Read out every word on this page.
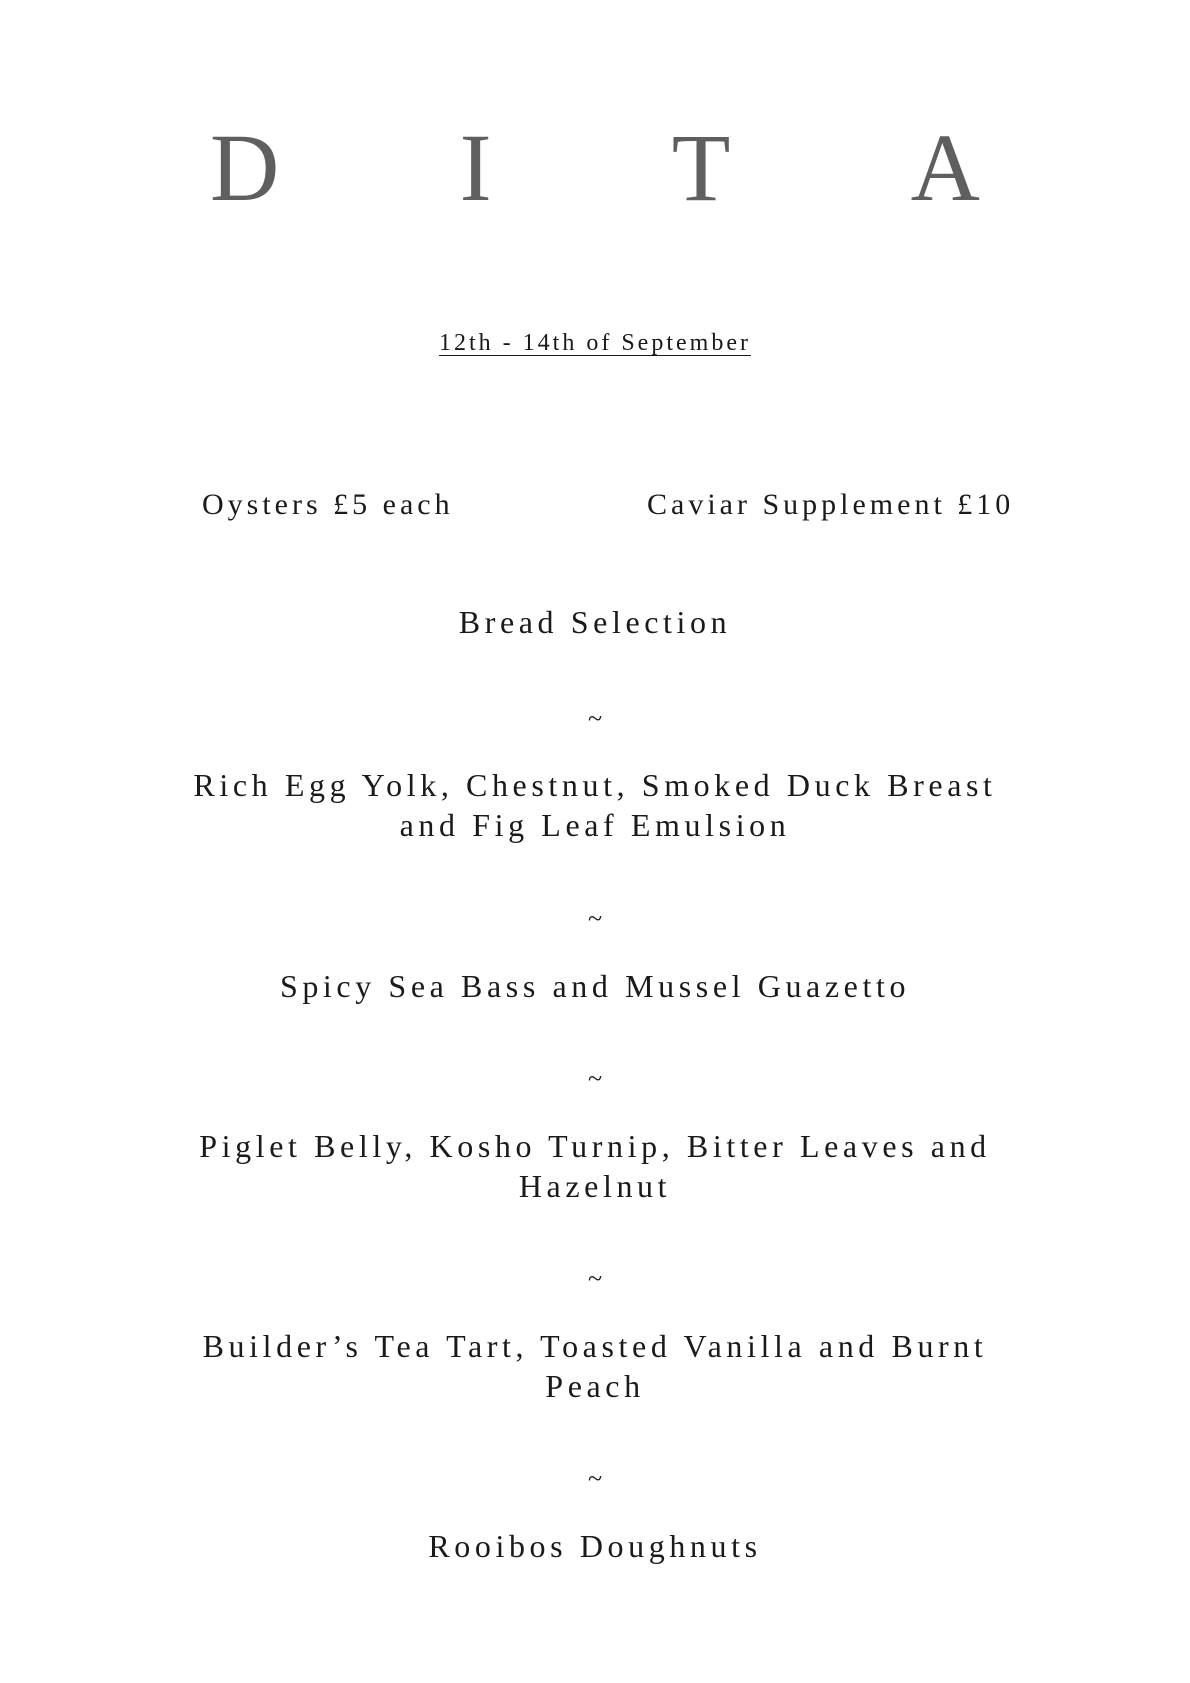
D I T A
12th - 14th of September
Oysters £5 each	Caviar Supplement £10
Bread Selection
~
Rich Egg Yolk, Chestnut, Smoked Duck Breast
and Fig Leaf Emulsion
~
Spicy Sea Bass and Mussel Guazetto
~
Piglet Belly, Kosho Turnip, Bitter Leaves and
Hazelnut
~
Builder’s Tea Tart, Toasted Vanilla and Burnt
Peach
~
Rooibos Doughnuts
